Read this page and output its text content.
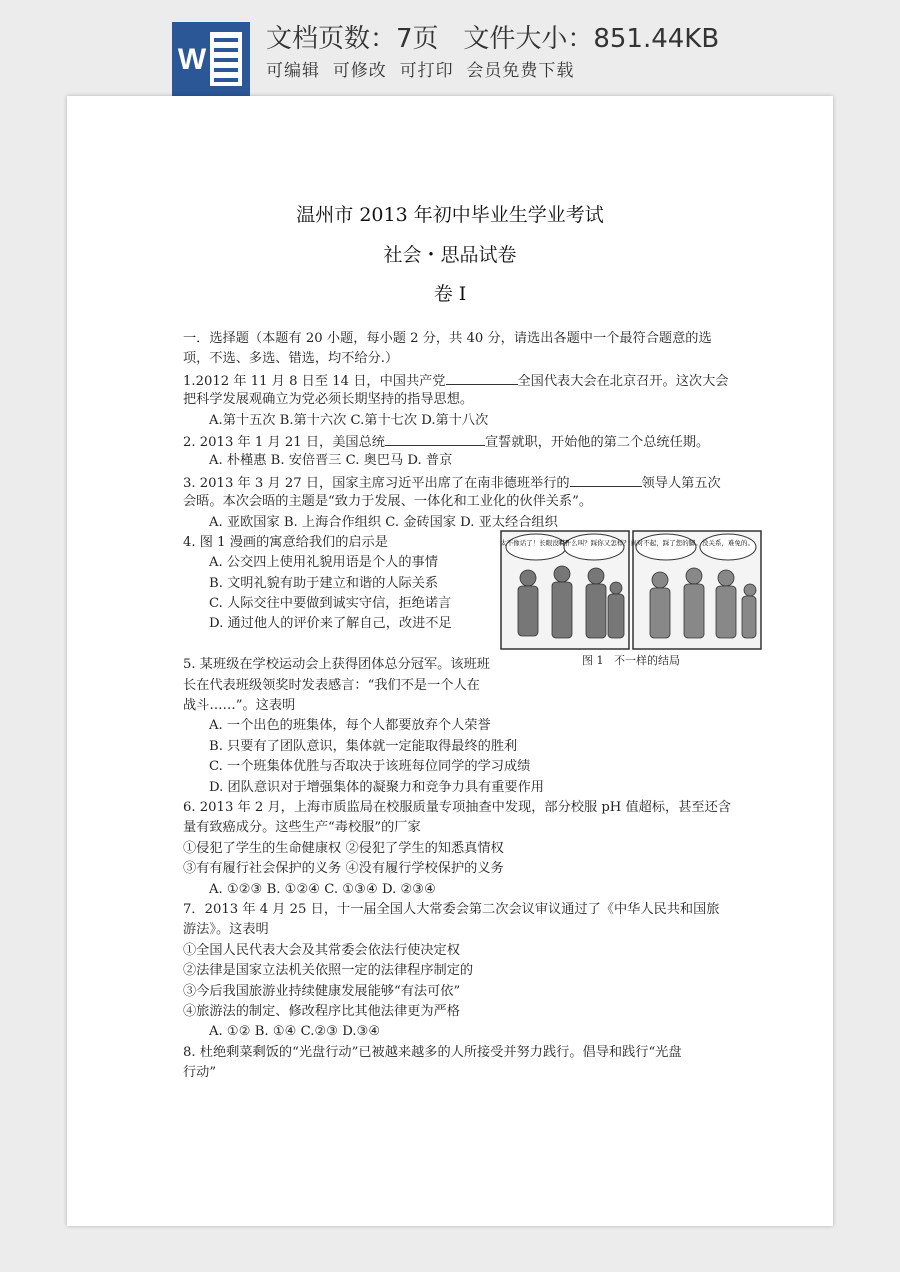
W
文档页数：7页   文件大小：851.44KB
可编辑  可修改  可打印  会员免费下载
温州市 2013 年初中毕业生学业考试
社会・思品试卷
卷 I
一．选择题（本题有 20 小题，每小题 2 分，共 40 分，请选出各题中一个最符合题意的选
项，不选、多选、错选，均不给分.）
1.2012 年 11 月 8 日至 14 日，中国共产党	全国代表大会在北京召开。这次大会
把科学发展观确立为党必须长期坚持的指导思想。
A.第十五次 B.第十六次 C.第十七次 D.第十八次
2. 2013 年 1 月 21 日，美国总统	宣誓就职，开始他的第二个总统任期。
A. 朴槿惠 B. 安倍晋三 C. 奥巴马 D. 普京
3. 2013 年 3 月 27 日，国家主席习近平出席了在南非德班举行的	领导人第五次
会晤。本次会晤的主题是“致力于发展、一体化和工业化的伙伴关系”。
A. 亚欧国家 B. 上海合作组织 C. 金砖国家 D. 亚太经合组织
4. 图 1 漫画的寓意给我们的启示是
A. 公交四上使用礼貌用语是个人的事情
B. 文明礼貌有助于建立和谐的人际关系
C. 人际交往中要做到诚实守信，拒绝诺言
D. 通过他人的评价来了解自己，改进不足
5. 某班级在学校运动会上获得团体总分冠军。该班班
长在代表班级领奖时发表感言：“我们不是一个人在
战斗……”。这表明
A. 一个出色的班集体，每个人都要放弃个人荣誉
B. 只要有了团队意识，集体就一定能取得最终的胜利
C. 一个班集体优胜与否取决于该班每位同学的学习成绩
D. 团队意识对于增强集体的凝聚力和竞争力具有重要作用
6. 2013 年 2 月，上海市质监局在校服质量专项抽查中发现，部分校服 pH 值超标，甚至还含
量有致癌成分。这些生产“毒校服”的厂家
①侵犯了学生的生命健康权 ②侵犯了学生的知悉真情权
③有有履行社会保护的义务 ④没有履行学校保护的义务
A. ①②③ B. ①②④ C. ①③④ D. ②③④
7．2013 年 4 月 25 日，十一届全国人大常委会第二次会议审议通过了《中华人民共和国旅
游法》。这表明
①全国人民代表大会及其常委会依法行使决定权
②法律是国家立法机关依照一定的法律程序制定的
③今后我国旅游业持续健康发展能够“有法可依”
④旅游法的制定、修改程序比其他法律更为严格
A. ①② B. ①④ C.②③ D.③④
8. 杜绝剩菜剩饭的“光盘行动”已被越来越多的人所接受并努力践行。倡导和践行“光盘
行动”
太不像话了！长眼没有？
叫什么叫？踩你又怎样？ 真对不起，踩了您的脚。 没关系，难免的。
图 1   不一样的结局
